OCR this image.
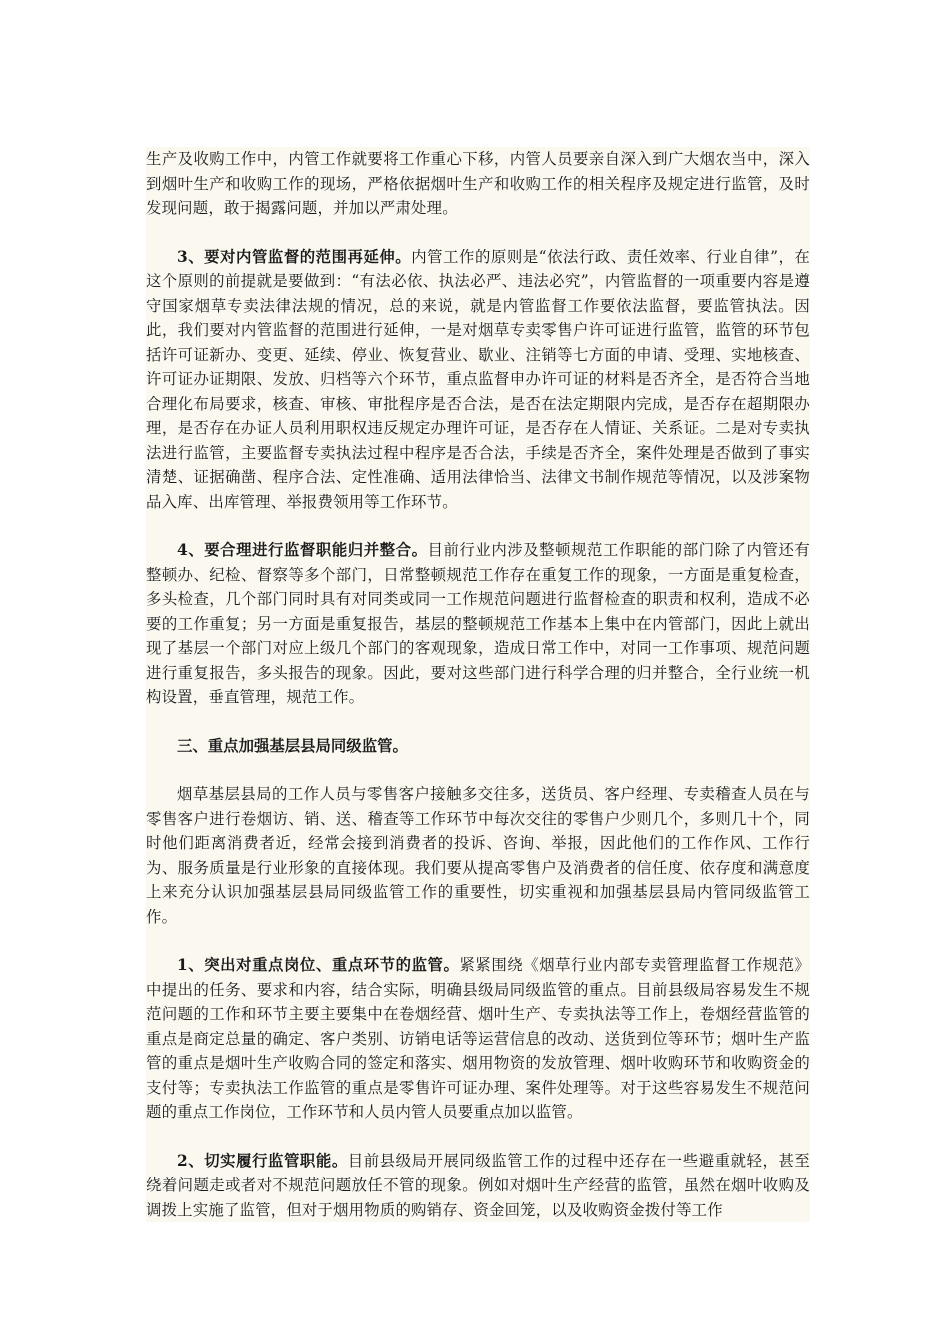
生产及收购工作中，内管工作就要将工作重心下移，内管人员要亲自深入到广大烟农当中，深入到烟叶生产和收购工作的现场，严格依据烟叶生产和收购工作的相关程序及规定进行监管，及时发现问题，敢于揭露问题，并加以严肃处理。

3、要对内管监督的范围再延伸。内管工作的原则是“依法行政、责任效率、行业自律”，在这个原则的前提就是要做到：“有法必依、执法必严、违法必究”，内管监督的一项重要内容是遵守国家烟草专卖法律法规的情况，总的来说，就是内管监督工作要依法监督，要监管执法。因此，我们要对内管监督的范围进行延伸，一是对烟草专卖零售户许可证进行监管，监管的环节包括许可证新办、变更、延续、停业、恢复营业、歇业、注销等七方面的申请、受理、实地核查、许可证办证期限、发放、归档等六个环节，重点监督申办许可证的材料是否齐全，是否符合当地合理化布局要求，核查、审核、审批程序是否合法，是否在法定期限内完成，是否存在超期限办理，是否存在办证人员利用职权违反规定办理许可证，是否存在人情证、关系证。二是对专卖执法进行监管，主要监督专卖执法过程中程序是否合法，手续是否齐全，案件处理是否做到了事实清楚、证据确凿、程序合法、定性准确、适用法律恰当、法律文书制作规范等情况，以及涉案物品入库、出库管理、举报费领用等工作环节。

4、要合理进行监督职能归并整合。目前行业内涉及整顿规范工作职能的部门除了内管还有整顿办、纪检、督察等多个部门，日常整顿规范工作存在重复工作的现象，一方面是重复检查，多头检查，几个部门同时具有对同类或同一工作规范问题进行监督检查的职责和权利，造成不必要的工作重复；另一方面是重复报告，基层的整顿规范工作基本上集中在内管部门，因此上就出现了基层一个部门对应上级几个部门的客观现象，造成日常工作中，对同一工作事项、规范问题进行重复报告，多头报告的现象。因此，要对这些部门进行科学合理的归并整合，全行业统一机构设置，垂直管理，规范工作。

三、重点加强基层县局同级监管。

烟草基层县局的工作人员与零售客户接触多交往多，送货员、客户经理、专卖稽查人员在与零售客户进行卷烟访、销、送、稽查等工作环节中每次交往的零售户少则几个，多则几十个，同时他们距离消费者近，经常会接到消费者的投诉、咨询、举报，因此他们的工作作风、工作行为、服务质量是行业形象的直接体现。我们要从提高零售户及消费者的信任度、依存度和满意度上来充分认识加强基层县局同级监管工作的重要性，切实重视和加强基层县局内管同级监管工作。

1、突出对重点岗位、重点环节的监管。紧紧围绕《烟草行业内部专卖管理监督工作规范》中提出的任务、要求和内容，结合实际，明确县级局同级监管的重点。目前县级局容易发生不规范问题的工作和环节主要主要集中在卷烟经营、烟叶生产、专卖执法等工作上，卷烟经营监管的重点是商定总量的确定、客户类别、访销电话等运营信息的改动、送货到位等环节；烟叶生产监管的重点是烟叶生产收购合同的签定和落实、烟用物资的发放管理、烟叶收购环节和收购资金的支付等；专卖执法工作监管的重点是零售许可证办理、案件处理等。对于这些容易发生不规范问题的重点工作岗位，工作环节和人员内管人员要重点加以监管。

2、切实履行监管职能。目前县级局开展同级监管工作的过程中还存在一些避重就轻，甚至绕着问题走或者对不规范问题放任不管的现象。例如对烟叶生产经营的监管，虽然在烟叶收购及调拨上实施了监管，但对于烟用物质的购销存、资金回笼，以及收购资金拨付等工作
